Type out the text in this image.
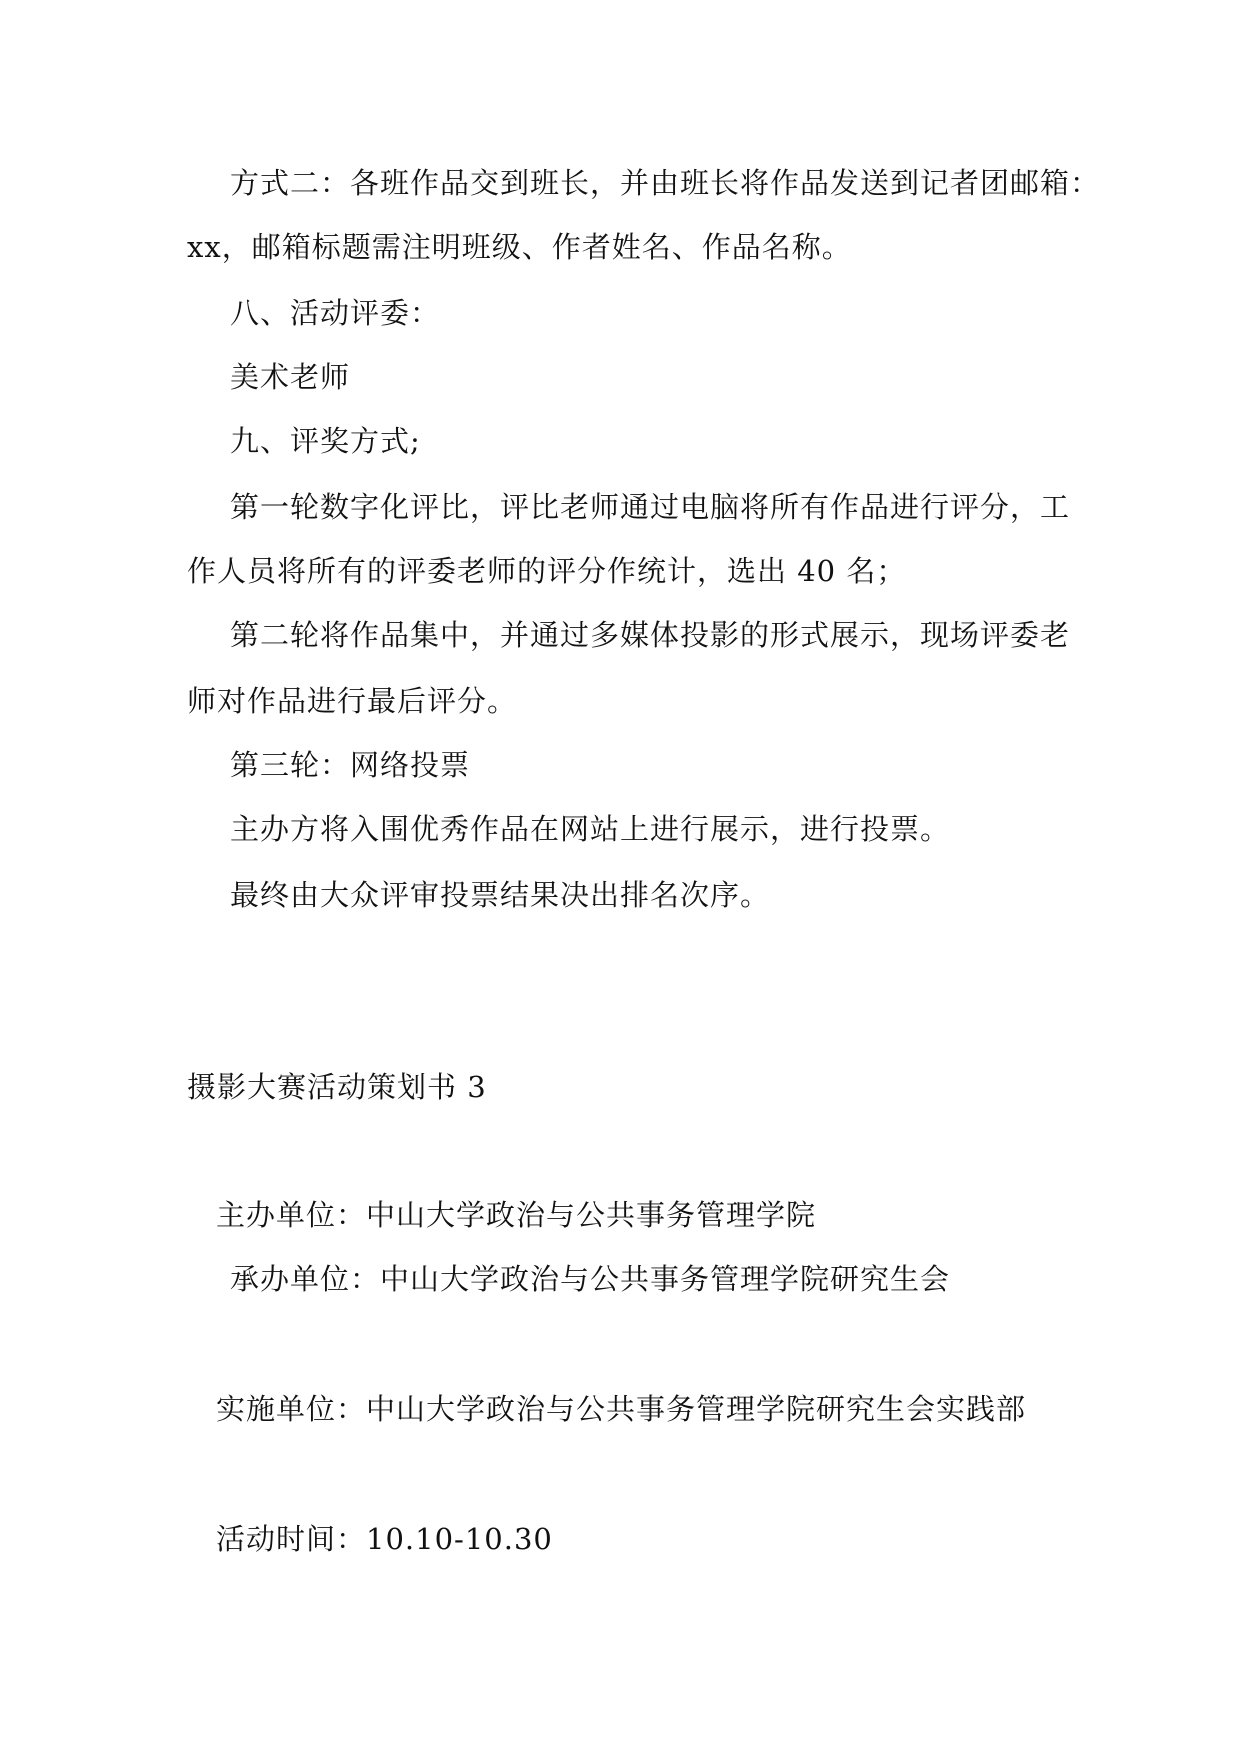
方式二：各班作品交到班长，并由班长将作品发送到记者团邮箱：
xx，邮箱标题需注明班级、作者姓名、作品名称。
八、活动评委：
美术老师
九、评奖方式;
第一轮数字化评比，评比老师通过电脑将所有作品进行评分，工
作人员将所有的评委老师的评分作统计，选出 40 名；
第二轮将作品集中，并通过多媒体投影的形式展示，现场评委老
师对作品进行最后评分。
第三轮：网络投票
主办方将入围优秀作品在网站上进行展示，进行投票。
最终由大众评审投票结果决出排名次序。
摄影大赛活动策划书 3
主办单位：中山大学政治与公共事务管理学院
承办单位：中山大学政治与公共事务管理学院研究生会
实施单位：中山大学政治与公共事务管理学院研究生会实践部
活动时间：10.10-10.30
